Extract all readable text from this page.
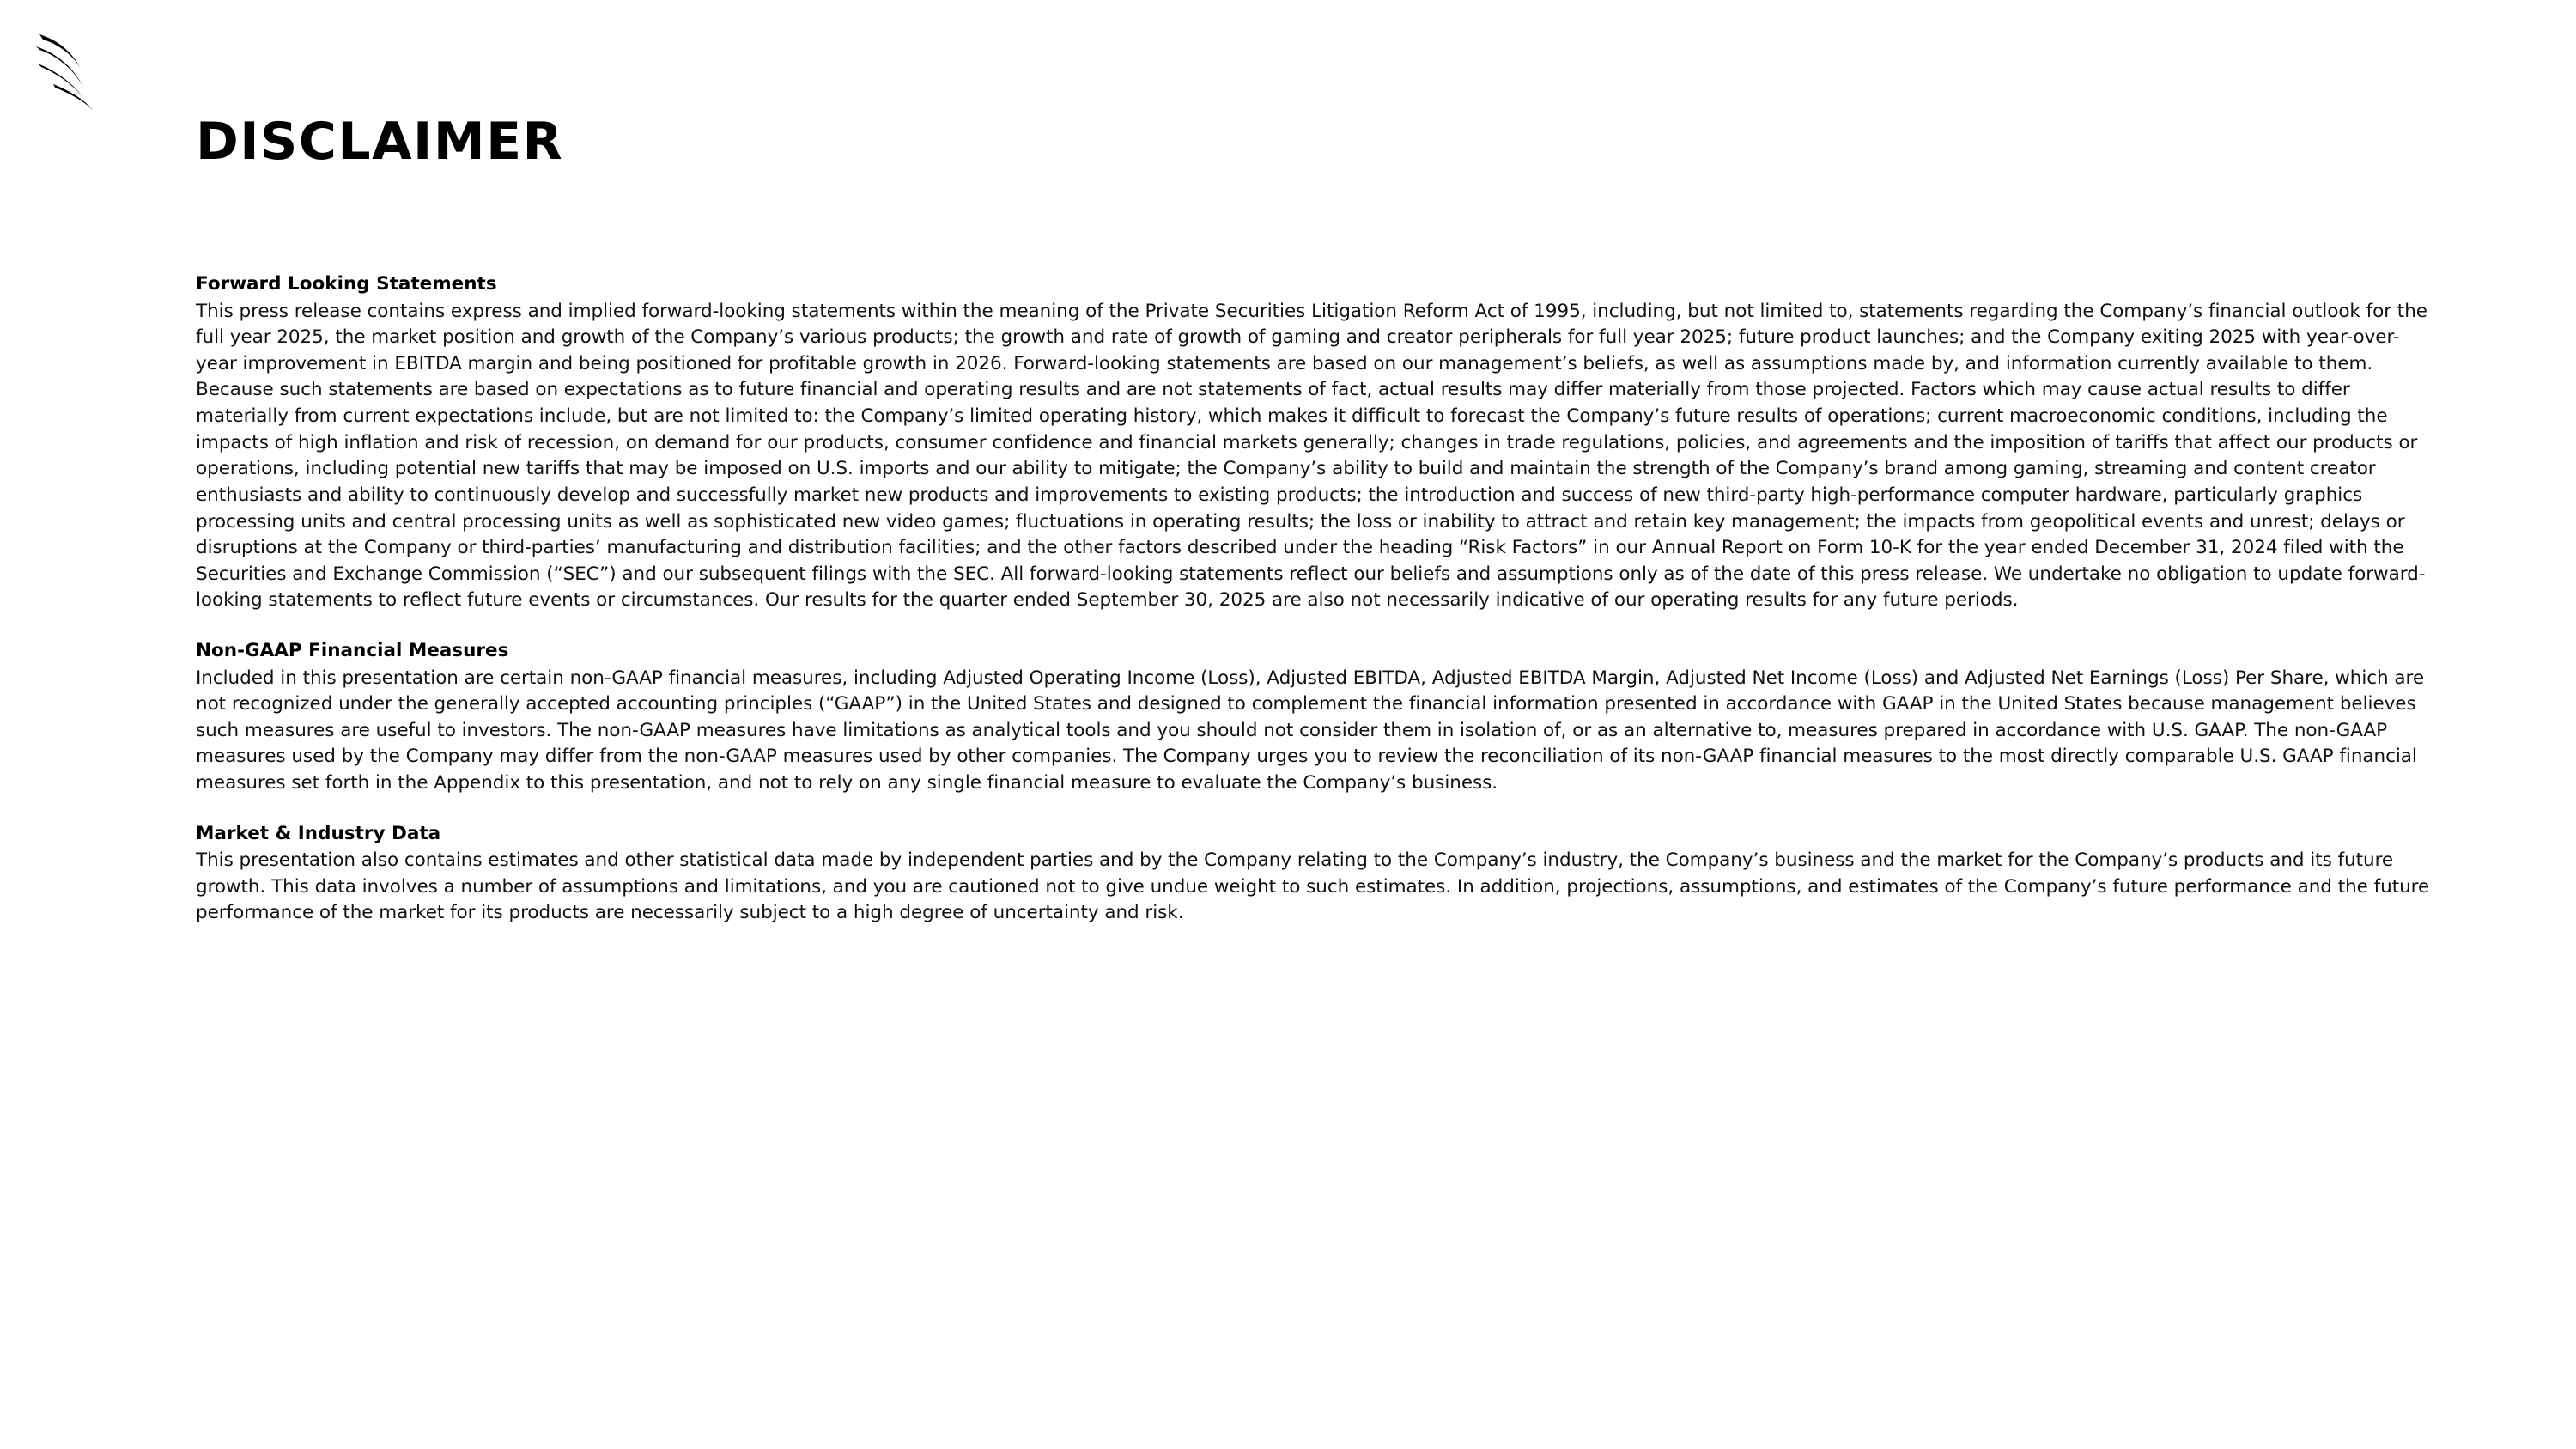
DISCLAIMER
Forward Looking Statements
This press release contains express and implied forward-looking statements within the meaning of the Private Securities Litigation Reform Act of 1995, including, but not limited to, statements regarding the Company’s financial outlook for the full year 2025, the market position and growth of the Company’s various products; the growth and rate of growth of gaming and creator peripherals for full year 2025; future product launches; and the Company exiting 2025 with year-over-year improvement in EBITDA margin and being positioned for profitable growth in 2026. Forward-looking statements are based on our management’s beliefs, as well as assumptions made by, and information currently available to them. Because such statements are based on expectations as to future financial and operating results and are not statements of fact, actual results may differ materially from those projected. Factors which may cause actual results to differ materially from current expectations include, but are not limited to: the Company’s limited operating history, which makes it difficult to forecast the Company’s future results of operations; current macroeconomic conditions, including the impacts of high inflation and risk of recession, on demand for our products, consumer confidence and financial markets generally; changes in trade regulations, policies, and agreements and the imposition of tariffs that affect our products or operations, including potential new tariffs that may be imposed on U.S. imports and our ability to mitigate; the Company’s ability to build and maintain the strength of the Company’s brand among gaming, streaming and content creator enthusiasts and ability to continuously develop and successfully market new products and improvements to existing products; the introduction and success of new third-party high-performance computer hardware, particularly graphics processing units and central processing units as well as sophisticated new video games; fluctuations in operating results; the loss or inability to attract and retain key management; the impacts from geopolitical events and unrest; delays or disruptions at the Company or third-parties’ manufacturing and distribution facilities; and the other factors described under the heading “Risk Factors” in our Annual Report on Form 10-K for the year ended December 31, 2024 filed with the Securities and Exchange Commission (“SEC”) and our subsequent filings with the SEC. All forward-looking statements reflect our beliefs and assumptions only as of the date of this press release. We undertake no obligation to update forward-looking statements to reflect future events or circumstances. Our results for the quarter ended September 30, 2025 are also not necessarily indicative of our operating results for any future periods.
Non-GAAP Financial Measures
Included in this presentation are certain non-GAAP financial measures, including Adjusted Operating Income (Loss), Adjusted EBITDA, Adjusted EBITDA Margin, Adjusted Net Income (Loss) and Adjusted Net Earnings (Loss) Per Share, which are not recognized under the generally accepted accounting principles (“GAAP”) in the United States and designed to complement the financial information presented in accordance with GAAP in the United States because management believes such measures are useful to investors. The non-GAAP measures have limitations as analytical tools and you should not consider them in isolation of, or as an alternative to, measures prepared in accordance with U.S. GAAP. The non-GAAP measures used by the Company may differ from the non-GAAP measures used by other companies. The Company urges you to review the reconciliation of its non-GAAP financial measures to the most directly comparable U.S. GAAP financial measures set forth in the Appendix to this presentation, and not to rely on any single financial measure to evaluate the Company’s business.
Market & Industry Data
This presentation also contains estimates and other statistical data made by independent parties and by the Company relating to the Company’s industry, the Company’s business and the market for the Company’s products and its future growth. This data involves a number of assumptions and limitations, and you are cautioned not to give undue weight to such estimates. In addition, projections, assumptions, and estimates of the Company’s future performance and the future performance of the market for its products are necessarily subject to a high degree of uncertainty and risk.
